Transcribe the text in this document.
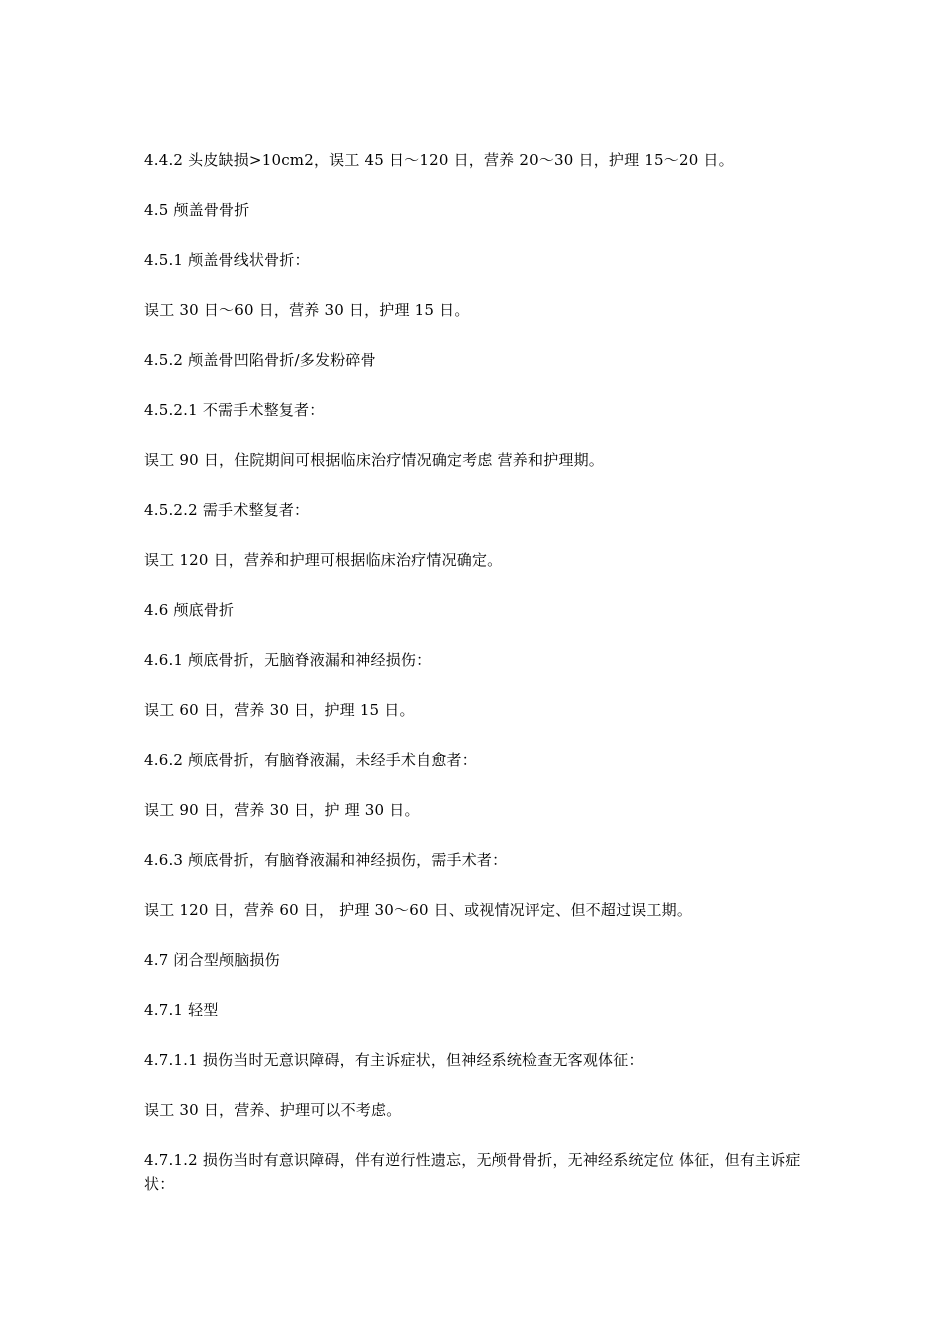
4.4.2 头皮缺损>10cm2，误工 45 日～120 日，营养 20～30 日，护理 15～20 日。

4.5 颅盖骨骨折

4.5.1 颅盖骨线状骨折：

误工 30 日～60 日，营养 30 日，护理 15 日。

4.5.2 颅盖骨凹陷骨折/多发粉碎骨

4.5.2.1 不需手术整复者：

误工 90 日，住院期间可根据临床治疗情况确定考虑 营养和护理期。

4.5.2.2 需手术整复者：

误工 120 日，营养和护理可根据临床治疗情况确定。

4.6 颅底骨折

4.6.1 颅底骨折，无脑脊液漏和神经损伤：

误工 60 日，营养 30 日，护理 15 日。

4.6.2 颅底骨折，有脑脊液漏，未经手术自愈者：

误工 90 日，营养 30 日，护 理 30 日。

4.6.3 颅底骨折，有脑脊液漏和神经损伤，需手术者：

误工 120 日，营养 60 日， 护理 30～60 日、或视情况评定、但不超过误工期。

4.7 闭合型颅脑损伤

4.7.1 轻型

4.7.1.1 损伤当时无意识障碍，有主诉症状，但神经系统检查无客观体征：

误工 30 日，营养、护理可以不考虑。

4.7.1.2 损伤当时有意识障碍，伴有逆行性遗忘，无颅骨骨折，无神经系统定位 体征，但有主诉症状：
